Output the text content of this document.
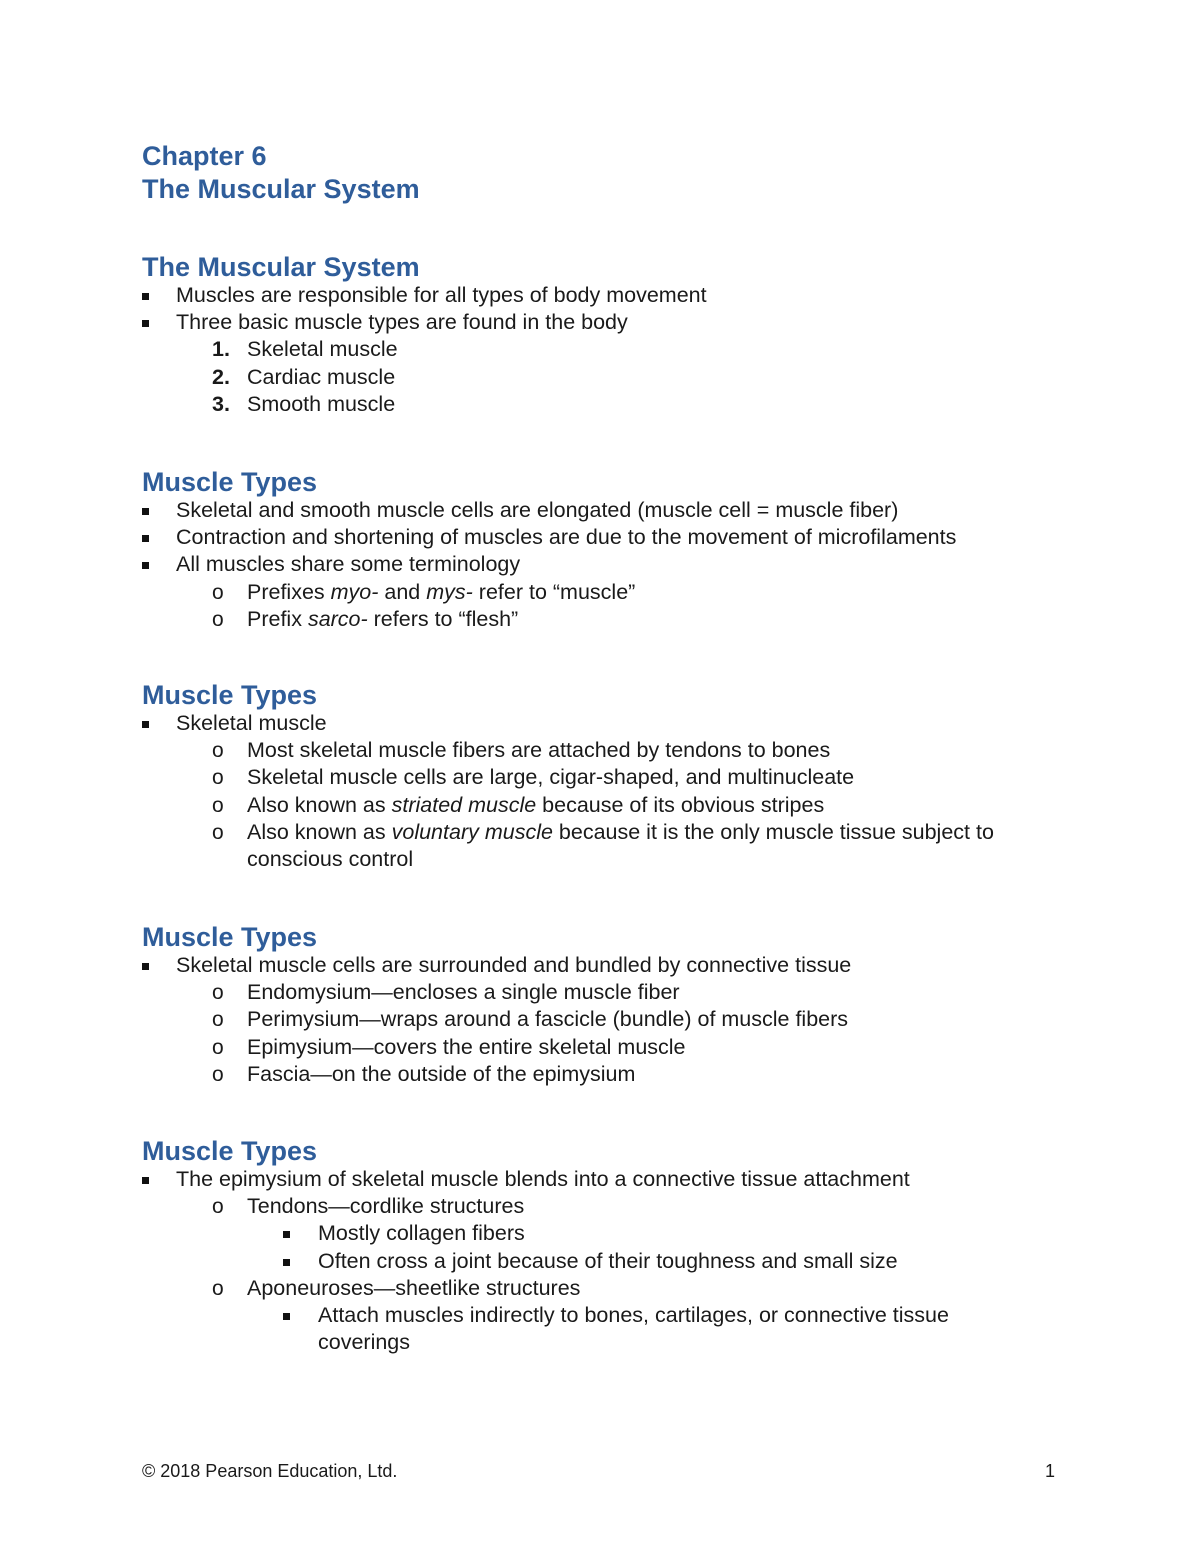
Chapter 6
The Muscular System
The Muscular System
Muscles are responsible for all types of body movement
Three basic muscle types are found in the body
1. Skeletal muscle
2. Cardiac muscle
3. Smooth muscle
Muscle Types
Skeletal and smooth muscle cells are elongated (muscle cell = muscle fiber)
Contraction and shortening of muscles are due to the movement of microfilaments
All muscles share some terminology
o Prefixes myo- and mys- refer to “muscle”
o Prefix sarco- refers to “flesh”
Muscle Types
Skeletal muscle
o Most skeletal muscle fibers are attached by tendons to bones
o Skeletal muscle cells are large, cigar-shaped, and multinucleate
o Also known as striated muscle because of its obvious stripes
o Also known as voluntary muscle because it is the only muscle tissue subject to
conscious control
Muscle Types
Skeletal muscle cells are surrounded and bundled by connective tissue
o Endomysium—encloses a single muscle fiber
o Perimysium—wraps around a fascicle (bundle) of muscle fibers
o Epimysium—covers the entire skeletal muscle
o Fascia—on the outside of the epimysium
Muscle Types
The epimysium of skeletal muscle blends into a connective tissue attachment
o Tendons—cordlike structures
Mostly collagen fibers
Often cross a joint because of their toughness and small size
o Aponeuroses—sheetlike structures
Attach muscles indirectly to bones, cartilages, or connective tissue
coverings
© 2018 Pearson Education, Ltd.	1
